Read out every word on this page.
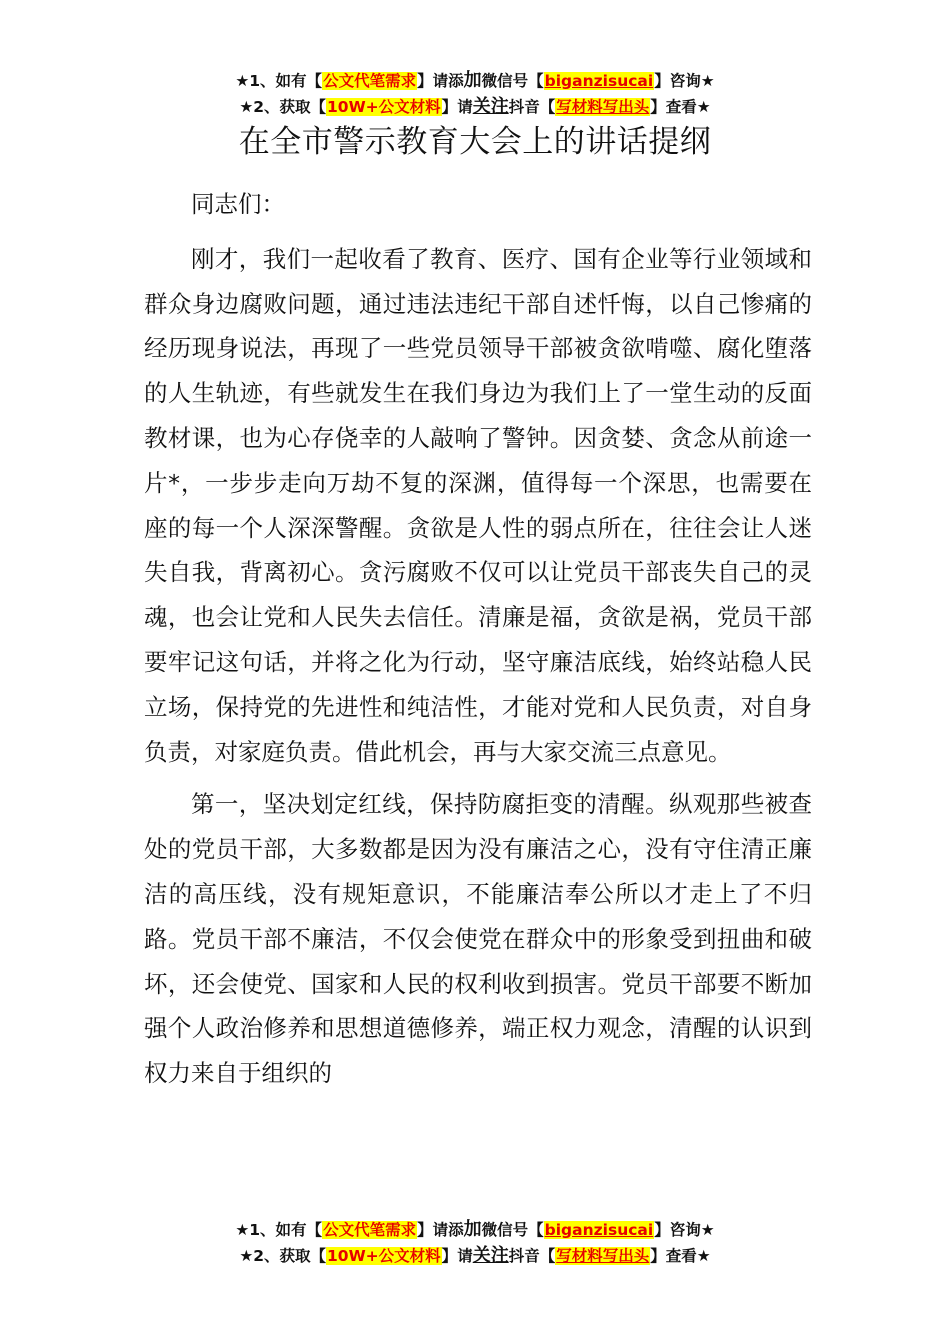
★1、如有【公文代笔需求】请添加微信号【biganzisucai】咨询★
★2、获取【10W+公文材料】请关注抖音【写材料写出头】查看★
在全市警示教育大会上的讲话提纲

同志们：

刚才，我们一起收看了教育、医疗、国有企业等行业领域和群众身边腐败问题，通过违法违纪干部自述忏悔，以自己惨痛的经历现身说法，再现了一些党员领导干部被贪欲啃噬、腐化堕落的人生轨迹，有些就发生在我们身边为我们上了一堂生动的反面教材课，也为心存侥幸的人敲响了警钟。因贪婪、贪念从前途一片*，一步步走向万劫不复的深渊，值得每一个深思，也需要在座的每一个人深深警醒。贪欲是人性的弱点所在，往往会让人迷失自我，背离初心。贪污腐败不仅可以让党员干部丧失自己的灵魂，也会让党和人民失去信任。清廉是福，贪欲是祸，党员干部要牢记这句话，并将之化为行动，坚守廉洁底线，始终站稳人民立场，保持党的先进性和纯洁性，才能对党和人民负责，对自身负责，对家庭负责。借此机会，再与大家交流三点意见。

第一，坚决划定红线，保持防腐拒变的清醒。纵观那些被查处的党员干部，大多数都是因为没有廉洁之心，没有守住清正廉洁的高压线，没有规矩意识，不能廉洁奉公所以才走上了不归路。党员干部不廉洁，不仅会使党在群众中的形象受到扭曲和破坏，还会使党、国家和人民的权利收到损害。党员干部要不断加强个人政治修养和思想道德修养，端正权力观念，清醒的认识到权力来自于组织的

★1、如有【公文代笔需求】请添加微信号【biganzisucai】咨询★
★2、获取【10W+公文材料】请关注抖音【写材料写出头】查看★
